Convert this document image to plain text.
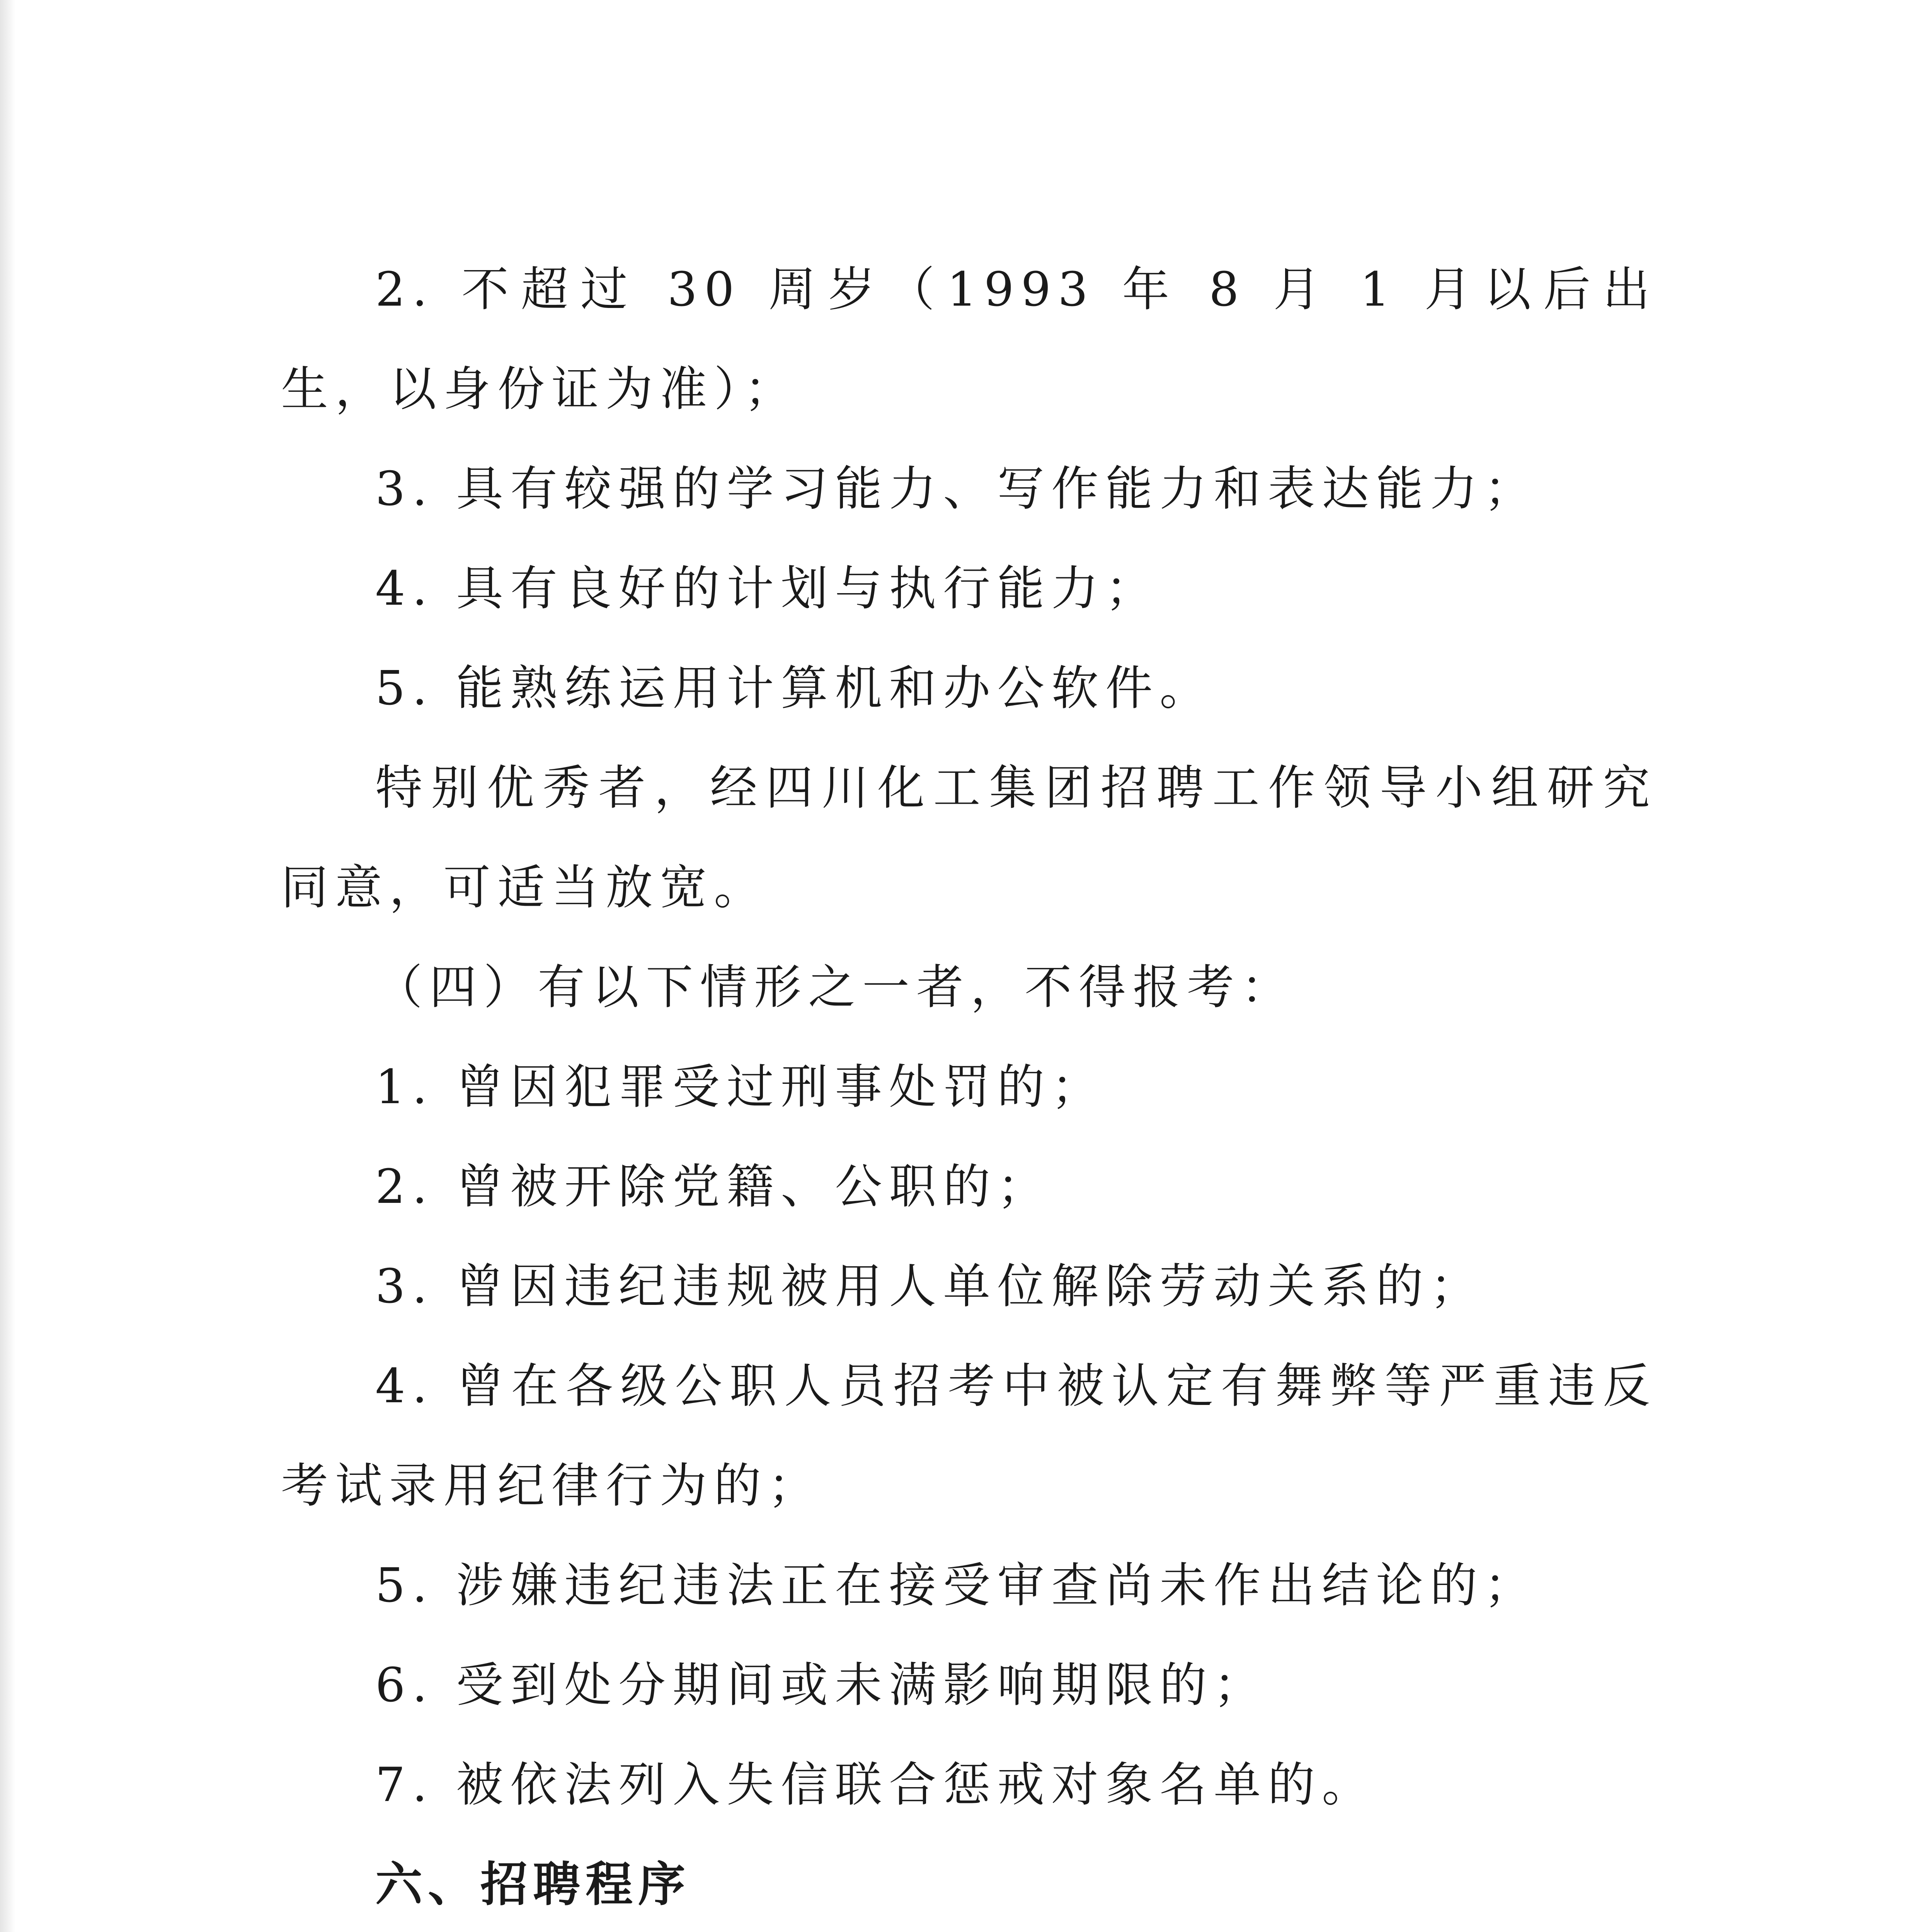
2. 不超过 30 周岁（1993 年 8 月 1 月以后出生，以身份证为准）；

3. 具有较强的学习能力、写作能力和表达能力；

4. 具有良好的计划与执行能力；

5. 能熟练运用计算机和办公软件。

特别优秀者，经四川化工集团招聘工作领导小组研究同意，可适当放宽。

（四）有以下情形之一者，不得报考：

1. 曾因犯罪受过刑事处罚的；

2. 曾被开除党籍、公职的；

3. 曾因违纪违规被用人单位解除劳动关系的；

4. 曾在各级公职人员招考中被认定有舞弊等严重违反考试录用纪律行为的；

5. 涉嫌违纪违法正在接受审查尚未作出结论的；

6. 受到处分期间或未满影响期限的；

7. 被依法列入失信联合惩戒对象名单的。

六、招聘程序
